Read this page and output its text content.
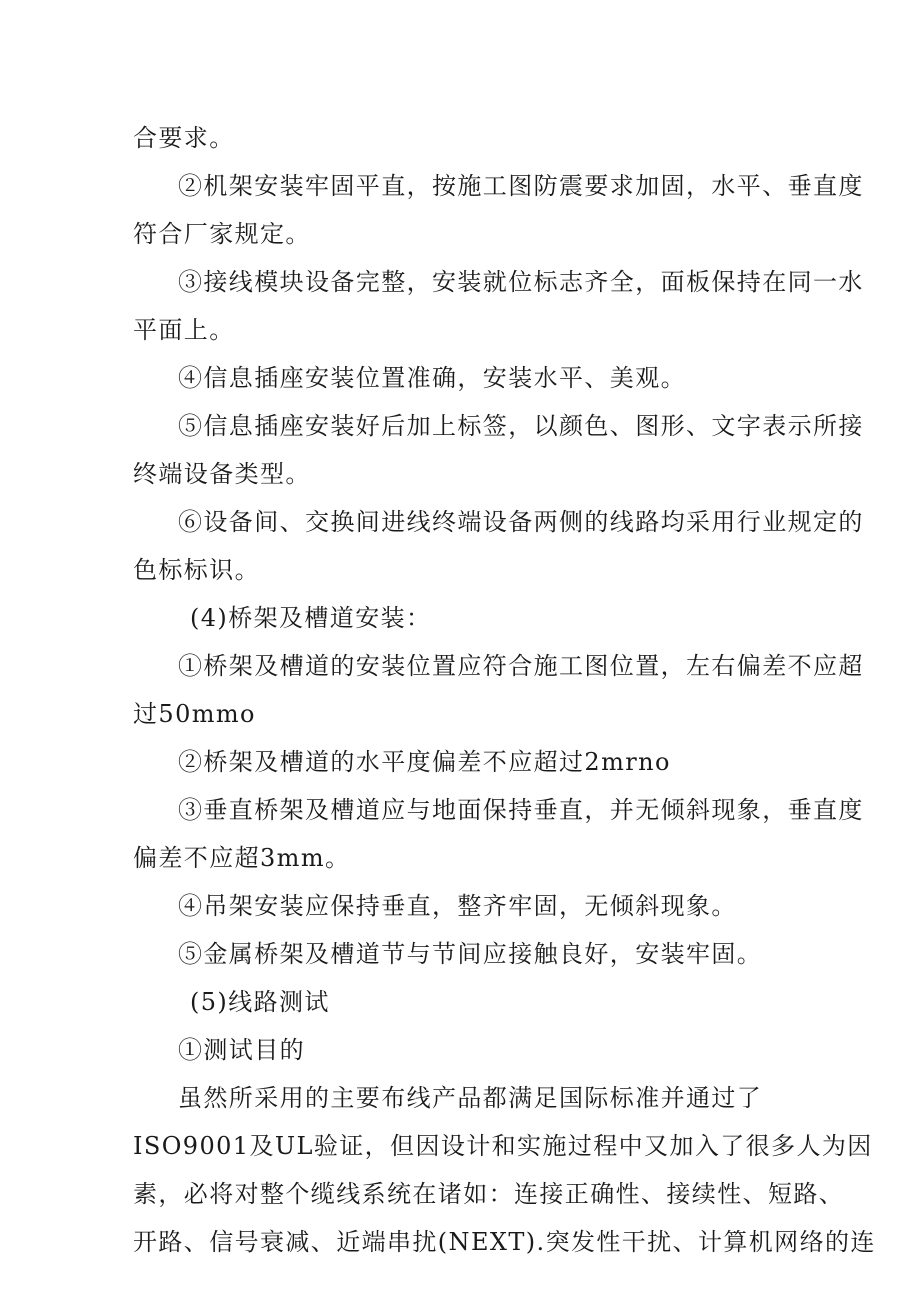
合要求。
②机架安装牢固平直，按施工图防震要求加固，水平、垂直度
符合厂家规定。
③接线模块设备完整，安装就位标志齐全，面板保持在同一水
平面上。
④信息插座安装位置准确，安装水平、美观。
⑤信息插座安装好后加上标签，以颜色、图形、文字表示所接
终端设备类型。
⑥设备间、交换间进线终端设备两侧的线路均采用行业规定的
色标标识。
(4)桥架及槽道安装：
①桥架及槽道的安装位置应符合施工图位置，左右偏差不应超
过50mmo
②桥架及槽道的水平度偏差不应超过2mrno
③垂直桥架及槽道应与地面保持垂直，并无倾斜现象，垂直度
偏差不应超3mm。
④吊架安装应保持垂直，整齐牢固，无倾斜现象。
⑤金属桥架及槽道节与节间应接触良好，安装牢固。
(5)线路测试
①测试目的
虽然所采用的主要布线产品都满足国际标准并通过了
ISO9001及UL验证，但因设计和实施过程中又加入了很多人为因
素，必将对整个缆线系统在诸如：连接正确性、接续性、短路、
开路、信号衰减、近端串扰(NEXT).突发性干扰、计算机网络的连
